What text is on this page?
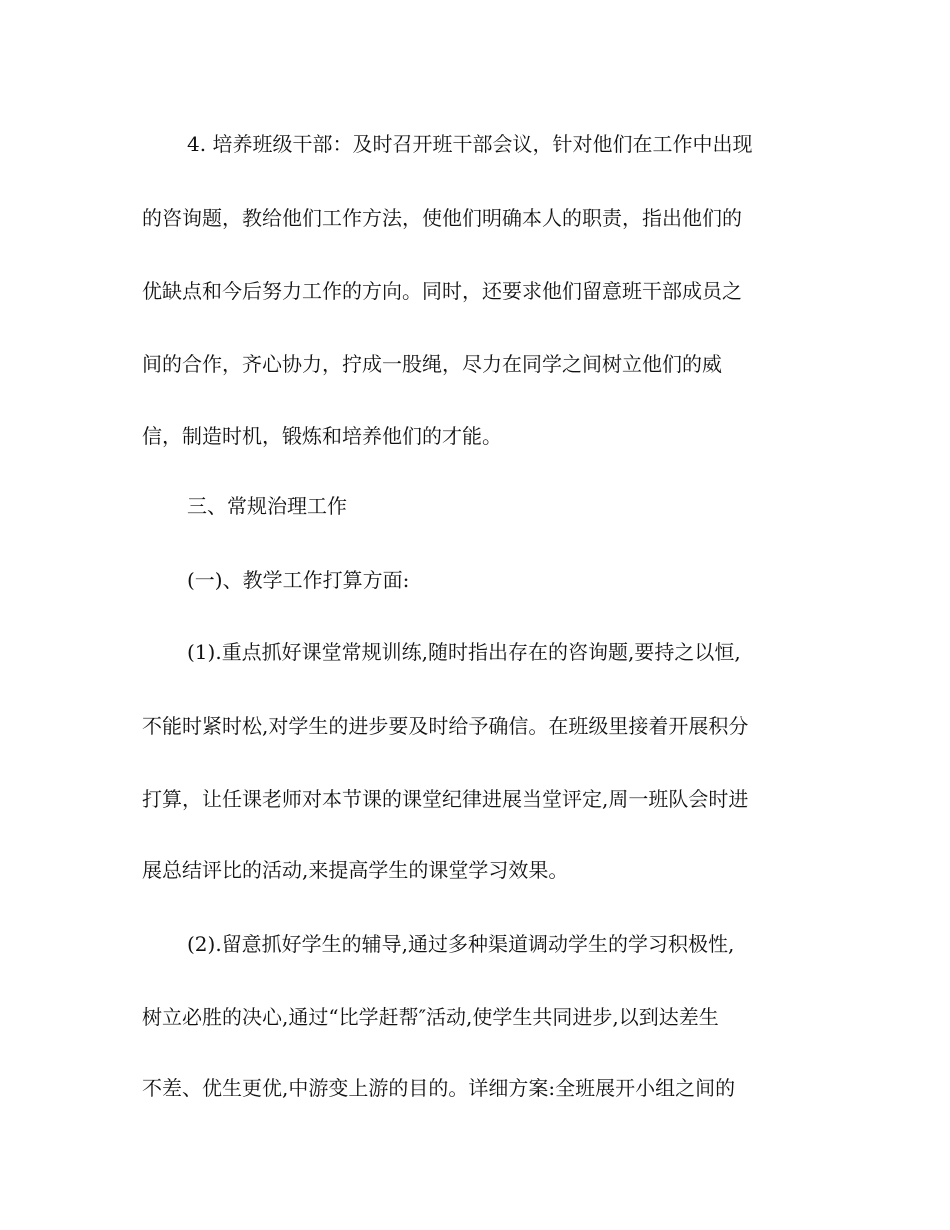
4. 培养班级干部：及时召开班干部会议，针对他们在工作中出现
的咨询题，教给他们工作方法，使他们明确本人的职责，指出他们的
优缺点和今后努力工作的方向。同时，还要求他们留意班干部成员之
间的合作，齐心协力，拧成一股绳，尽力在同学之间树立他们的威
信，制造时机，锻炼和培养他们的才能。
三、常规治理工作
(一)、教学工作打算方面:
(1).重点抓好课堂常规训练,随时指出存在的咨询题,要持之以恒,
不能时紧时松,对学生的进步要及时给予确信。在班级里接着开展积分
打算，让任课老师对本节课的课堂纪律进展当堂评定,周一班队会时进
展总结评比的活动,来提高学生的课堂学习效果。
(2).留意抓好学生的辅导,通过多种渠道调动学生的学习积极性,
树立必胜的决心,通过“比学赶帮″活动,使学生共同进步,以到达差生
不差、优生更优,中游变上游的目的。详细方案:全班展开小组之间的
